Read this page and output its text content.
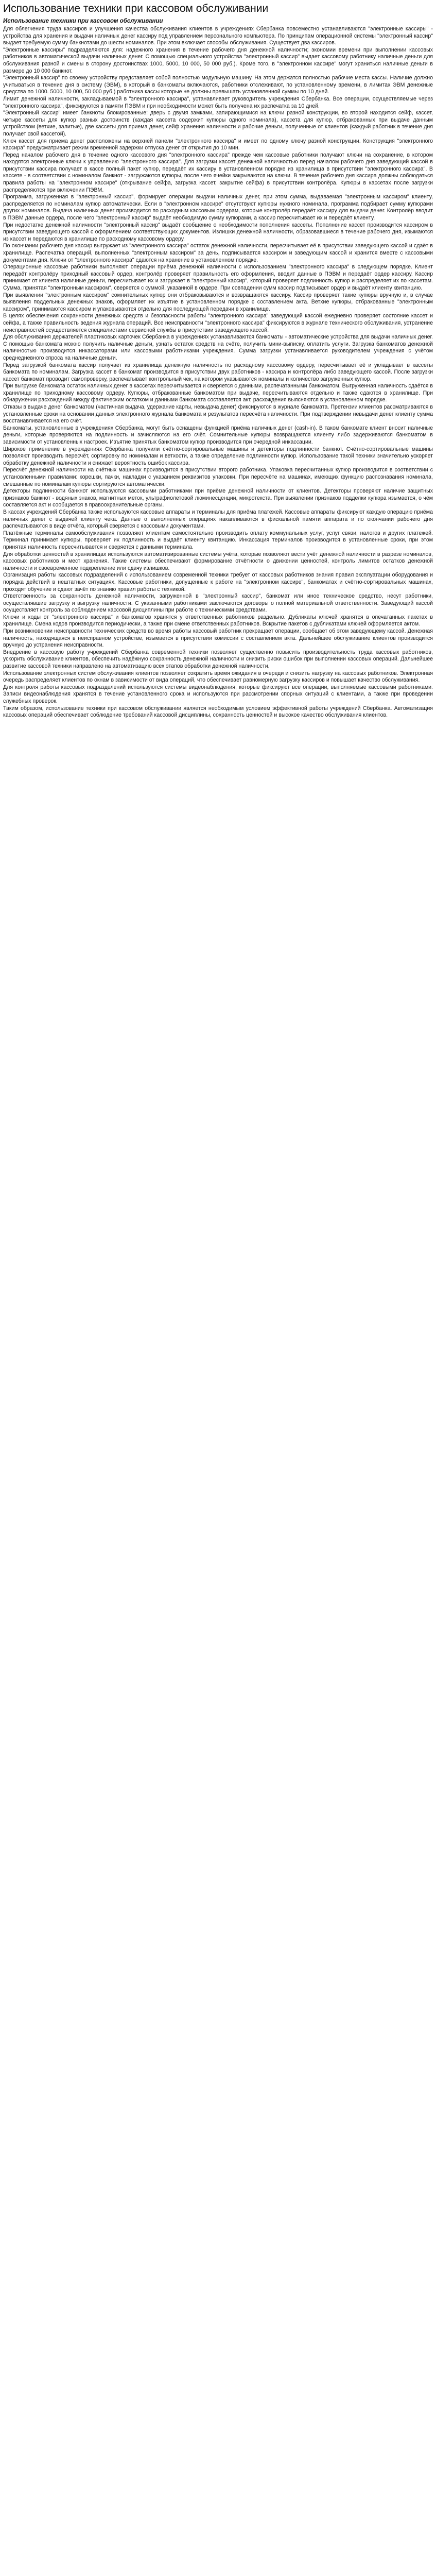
Использование техники при кассовом обслуживании
Использование техники при кассовом обслуживании

Для облегчения труда кассиров и улучшения качества обслуживания клиентов в учреждениях Сбербанка повсеместно устанавливаются "электронные кассиры" - устройства для хранения и выдачи наличных денег кассиру под управлением персонального компьютера. По принципам операционной системы "электронный кассир" выдает требуемую сумму банкнотами до шести номиналов. При этом включает способы обслуживания. Существует два кассиров.

"Электронные кассиры" подразделяются для: надежного хранения в течение рабочего дня денежной наличности; экономии времени при выполнении кассовых работников в автоматической выдачи наличных денег. С помощью специального устройства "электронный кассир" выдает кассовому работнику наличные деньги для обслуживания разной и смены в сторону достоинствах 1000, 5000, 10 000, 50 000 руб.). Кроме того, в "электронном кассире" могут храниться наличные деньги в размере до 10 000 банкнот.

"Электронный кассир" по своему устройству представляет собой полностью модульную машину. На этом держатся полностью рабочие места кассы. Наличие должно учитываться в течение дня в систему (ЭВМ), в который в банкоматы включаются, работники отслеживают, по установленному времени, в лимитах ЭВМ денежные средства по 1000. 5000, 10 000, 50 000 руб.) работника кассы которые не должны превышать установленной суммы по 10 дней.

Лимит денежной наличности, закладываемой в "электронного кассира", устанавливает руководитель учреждения Сбербанка. Все операции, осуществляемые через "электронного кассира", фиксируются в памяти ПЭВМ и при необходимости может быть получена их распечатка за 10 дней.

"Электронный кассир" имеет банкноты блокированные: дверь с двумя замками, запирающимися на ключи разной конструкции, во второй находится сейф, кассет, четыре кассеты для купюр разных достоинств (каждая кассета содержит купюры одного номинала), кассета для купюр, отбракованных при выдаче данным устройством (ветхие, залитые), две кассеты для приема денег, сейф хранения наличности и рабочие деньги, полученные от клиентов (каждый работник в течение дня получает свой кассетой).

Ключ кассет для приема денег расположены на верхней панели "электронного кассира" и имеет по одному ключу разной конструкции. Конструкция "электронного кассира" предусматривает режим временной задержки отпуска денег от открытия до 10 мин.

Перед началом рабочего дня в течение одного кассового дня "электронного кассира" прежде чем кассовые работники получают ключи на сохранение, в котором находятся электронные ключи к управлению "электронного кассира". Для загрузки кассет денежной наличностью перед началом рабочего дня заведующий кассой в присутствии кассира получает в кассе полный пакет купюр, передаёт их кассиру в установленном порядке из хранилища в присутствии "электронного кассира". В кассете - в соответствии с номиналом банкнот - загружаются купюры, после чего ячейки закрываются на ключи. В течение рабочего дня кассира должны соблюдаться правила работы на "электронном кассире" (открывание сейфа, загрузка кассет, закрытие сейфа) в присутствии контролёра. Купюры в кассетах после загрузки распределяются при включении ПЭВМ.

Программа, загруженная в "электронный кассир", формирует операции выдачи наличных денег, при этом сумма, выдаваемая "электронным кассиром" клиенту, распределяется по номиналам купюр автоматически. Если в "электронном кассире" отсутствуют купюры нужного номинала, программа подбирает сумму купюрами других номиналов. Выдача наличных денег производится по расходным кассовым ордерам, которые контролёр передаёт кассиру для выдачи денег. Контролёр вводит в ПЭВМ данные ордера, после чего "электронный кассир" выдаёт необходимую сумму купюрами, а кассир пересчитывает их и передаёт клиенту.

При недостатке денежной наличности "электронный кассир" выдаёт сообщение о необходимости пополнения кассеты. Пополнение кассет производится кассиром в присутствии заведующего кассой с оформлением соответствующих документов. Излишки денежной наличности, образовавшиеся в течение рабочего дня, изымаются из кассет и передаются в хранилище по расходному кассовому ордеру.

По окончании рабочего дня кассир выгружает из "электронного кассира" остаток денежной наличности, пересчитывает её в присутствии заведующего кассой и сдаёт в хранилище. Распечатка операций, выполненных "электронным кассиром" за день, подписывается кассиром и заведующим кассой и хранится вместе с кассовыми документами дня. Ключи от "электронного кассира" сдаются на хранение в установленном порядке.

Операционные кассовые работники выполняют операции приёма денежной наличности с использованием "электронного кассира" в следующем порядке. Клиент передаёт контролёру приходный кассовый ордер, контролёр проверяет правильность его оформления, вводит данные в ПЭВМ и передаёт ордер кассиру. Кассир принимает от клиента наличные деньги, пересчитывает их и загружает в "электронный кассир", который проверяет подлинность купюр и распределяет их по кассетам. Сумма, принятая "электронным кассиром", сверяется с суммой, указанной в ордере. При совпадении сумм кассир подписывает ордер и выдаёт клиенту квитанцию.

При выявлении "электронным кассиром" сомнительных купюр они отбраковываются и возвращаются кассиру. Кассир проверяет такие купюры вручную и, в случае выявления поддельных денежных знаков, оформляет их изъятие в установленном порядке с составлением акта. Ветхие купюры, отбракованные "электронным кассиром", принимаются кассиром и упаковываются отдельно для последующей передачи в хранилище.

В целях обеспечения сохранности денежных средств и безопасности работы "электронного кассира" заведующий кассой ежедневно проверяет состояние кассет и сейфа, а также правильность ведения журнала операций. Все неисправности "электронного кассира" фиксируются в журнале технического обслуживания, устранение неисправностей осуществляется специалистами сервисной службы в присутствии заведующего кассой.

Для обслуживания держателей пластиковых карточек Сбербанка в учреждениях устанавливаются банкоматы - автоматические устройства для выдачи наличных денег. С помощью банкомата можно получить наличные деньги, узнать остаток средств на счёте, получить мини-выписку, оплатить услуги. Загрузка банкоматов денежной наличностью производится инкассаторами или кассовыми работниками учреждения. Сумма загрузки устанавливается руководителем учреждения с учётом среднедневного спроса на наличные деньги.

Перед загрузкой банкомата кассир получает из хранилища денежную наличность по расходному кассовому ордеру, пересчитывает её и укладывает в кассеты банкомата по номиналам. Загрузка кассет в банкомат производится в присутствии двух работников - кассира и контролёра либо заведующего кассой. После загрузки кассет банкомат проводит самопроверку, распечатывает контрольный чек, на котором указываются номиналы и количество загруженных купюр.

При выгрузке банкомата остаток наличных денег в кассетах пересчитывается и сверяется с данными, распечатанными банкоматом. Выгруженная наличность сдаётся в хранилище по приходному кассовому ордеру. Купюры, отбракованные банкоматом при выдаче, пересчитываются отдельно и также сдаются в хранилище. При обнаружении расхождений между фактическим остатком и данными банкомата составляется акт, расхождения выясняются в установленном порядке.

Отказы в выдаче денег банкоматом (частичная выдача, удержание карты, невыдача денег) фиксируются в журнале банкомата. Претензии клиентов рассматриваются в установленные сроки на основании данных электронного журнала банкомата и результатов пересчёта наличности. При подтверждении невыдачи денег клиенту сумма восстанавливается на его счёт.

Банкоматы, установленные в учреждениях Сбербанка, могут быть оснащены функцией приёма наличных денег (cash-in). В таком банкомате клиент вносит наличные деньги, которые проверяются на подлинность и зачисляются на его счёт. Сомнительные купюры возвращаются клиенту либо задерживаются банкоматом в зависимости от установленных настроек. Изъятие принятых банкоматом купюр производится при очередной инкассации.

Широкое применение в учреждениях Сбербанка получили счётно-сортировальные машины и детекторы подлинности банкнот. Счётно-сортировальные машины позволяют производить пересчёт, сортировку по номиналам и ветхости, а также определение подлинности купюр. Использование такой техники значительно ускоряет обработку денежной наличности и снижает вероятность ошибок кассира.

Пересчёт денежной наличности на счётных машинах производится в присутствии второго работника. Упаковка пересчитанных купюр производится в соответствии с установленными правилами: корешки, пачки, накладки с указанием реквизитов упаковки. При пересчёте на машинах, имеющих функцию распознавания номинала, смешанные по номиналам купюры сортируются автоматически.

Детекторы подлинности банкнот используются кассовыми работниками при приёме денежной наличности от клиентов. Детекторы проверяют наличие защитных признаков банкнот - водяных знаков, магнитных меток, ультрафиолетовой люминесценции, микротекста. При выявлении признаков подделки купюра изымается, о чём составляется акт и сообщается в правоохранительные органы.

В кассах учреждений Сбербанка также используются кассовые аппараты и терминалы для приёма платежей. Кассовые аппараты фиксируют каждую операцию приёма наличных денег с выдачей клиенту чека. Данные о выполненных операциях накапливаются в фискальной памяти аппарата и по окончании рабочего дня распечатываются в виде отчёта, который сверяется с кассовыми документами.

Платёжные терминалы самообслуживания позволяют клиентам самостоятельно производить оплату коммунальных услуг, услуг связи, налогов и других платежей. Терминал принимает купюры, проверяет их подлинность и выдаёт клиенту квитанцию. Инкассация терминалов производится в установленные сроки, при этом принятая наличность пересчитывается и сверяется с данными терминала.

Для обработки ценностей в хранилищах используются автоматизированные системы учёта, которые позволяют вести учёт денежной наличности в разрезе номиналов, кассовых работников и мест хранения. Такие системы обеспечивают формирование отчётности о движении ценностей, контроль лимитов остатков денежной наличности и своевременное подкрепление или сдачу излишков.

Организация работы кассовых подразделений с использованием современной техники требует от кассовых работников знания правил эксплуатации оборудования и порядка действий в нештатных ситуациях. Кассовые работники, допущенные к работе на "электронном кассире", банкоматах и счётно-сортировальных машинах, проходят обучение и сдают зачёт по знанию правил работы с техникой.

Ответственность за сохранность денежной наличности, загруженной в "электронный кассир", банкомат или иное техническое средство, несут работники, осуществлявшие загрузку и выгрузку наличности. С указанными работниками заключаются договоры о полной материальной ответственности. Заведующий кассой осуществляет контроль за соблюдением кассовой дисциплины при работе с техническими средствами.

Ключи и коды от "электронного кассира" и банкоматов хранятся у ответственных работников раздельно. Дубликаты ключей хранятся в опечатанных пакетах в хранилище. Смена кодов производится периодически, а также при смене ответственных работников. Вскрытие пакетов с дубликатами ключей оформляется актом.

При возникновении неисправности технических средств во время работы кассовый работник прекращает операции, сообщает об этом заведующему кассой. Денежная наличность, находящаяся в неисправном устройстве, изымается в присутствии комиссии с составлением акта. Дальнейшее обслуживание клиентов производится вручную до устранения неисправности.

Внедрение в кассовую работу учреждений Сбербанка современной техники позволяет существенно повысить производительность труда кассовых работников, ускорить обслуживание клиентов, обеспечить надёжную сохранность денежной наличности и снизить риски ошибок при выполнении кассовых операций. Дальнейшее развитие кассовой техники направлено на автоматизацию всех этапов обработки денежной наличности.

Использование электронных систем обслуживания клиентов позволяет сократить время ожидания в очереди и снизить нагрузку на кассовых работников. Электронная очередь распределяет клиентов по окнам в зависимости от вида операций, что обеспечивает равномерную загрузку кассиров и повышает качество обслуживания.

Для контроля работы кассовых подразделений используются системы видеонаблюдения, которые фиксируют все операции, выполняемые кассовыми работниками. Записи видеонаблюдения хранятся в течение установленного срока и используются при рассмотрении спорных ситуаций с клиентами, а также при проведении служебных проверок.

Таким образом, использование техники при кассовом обслуживании является необходимым условием эффективной работы учреждений Сбербанка. Автоматизация кассовых операций обеспечивает соблюдение требований кассовой дисциплины, сохранность ценностей и высокое качество обслуживания клиентов.
